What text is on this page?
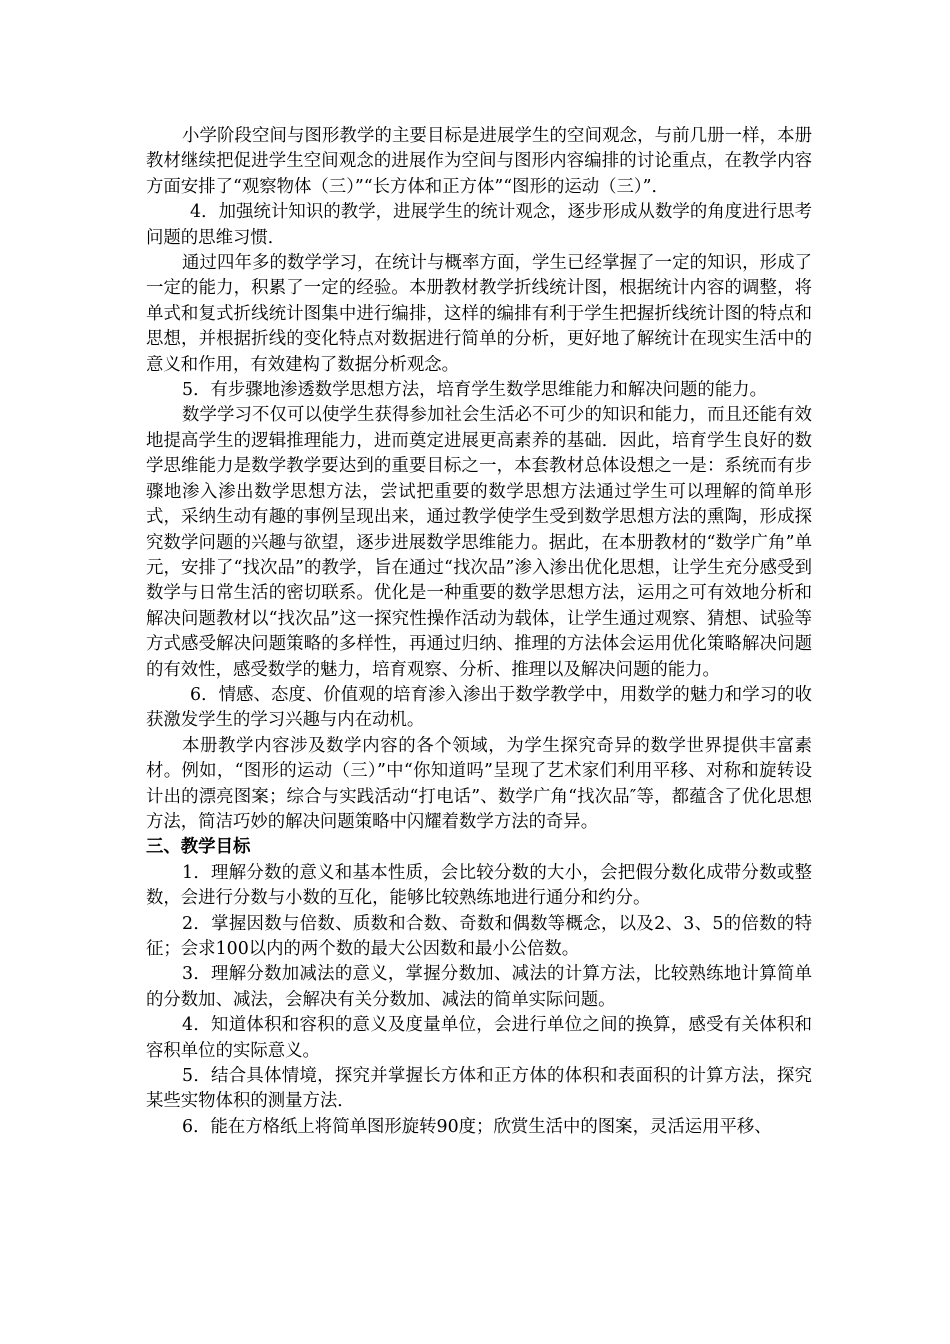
小学阶段空间与图形教学的主要目标是进展学生的空间观念，与前几册一样，本册教材继续把促进学生空间观念的进展作为空间与图形内容编排的讨论重点，在教学内容方面安排了“观察物体（三）”“长方体和正方体”“图形的运动（三）”．

4．加强统计知识的教学，进展学生的统计观念，逐步形成从数学的角度进行思考问题的思维习惯．

通过四年多的数学学习，在统计与概率方面，学生已经掌握了一定的知识，形成了一定的能力，积累了一定的经验。本册教材教学折线统计图，根据统计内容的调整，将单式和复式折线统计图集中进行编排，这样的编排有利于学生把握折线统计图的特点和思想，并根据折线的变化特点对数据进行简单的分析，更好地了解统计在现实生活中的意义和作用，有效建构了数据分析观念。

5．有步骤地渗透数学思想方法，培育学生数学思维能力和解决问题的能力。

数学学习不仅可以使学生获得参加社会生活必不可少的知识和能力，而且还能有效地提高学生的逻辑推理能力，进而奠定进展更高素养的基础．因此，培育学生良好的数学思维能力是数学教学要达到的重要目标之一，本套教材总体设想之一是：系统而有步骤地渗入渗出数学思想方法，尝试把重要的数学思想方法通过学生可以理解的简单形式，采纳生动有趣的事例呈现出来，通过教学使学生受到数学思想方法的熏陶，形成探究数学问题的兴趣与欲望，逐步进展数学思维能力。据此，在本册教材的“数学广角”单元，安排了“找次品”的教学，旨在通过“找次品”渗入渗出优化思想，让学生充分感受到数学与日常生活的密切联系。优化是一种重要的数学思想方法，运用之可有效地分析和解决问题教材以“找次品”这一探究性操作活动为载体，让学生通过观察、猜想、试验等方式感受解决问题策略的多样性，再通过归纳、推理的方法体会运用优化策略解决问题的有效性，感受数学的魅力，培育观察、分析、推理以及解决问题的能力。

6．情感、态度、价值观的培育渗入渗出于数学教学中，用数学的魅力和学习的收获激发学生的学习兴趣与内在动机。

本册教学内容涉及数学内容的各个领域，为学生探究奇异的数学世界提供丰富素材。例如，“图形的运动（三）”中“你知道吗”呈现了艺术家们利用平移、对称和旋转设计出的漂亮图案；综合与实践活动“打电话”、数学广角“找次品″等，都蕴含了优化思想方法，简洁巧妙的解决问题策略中闪耀着数学方法的奇异。

三、教学目标

1．理解分数的意义和基本性质，会比较分数的大小，会把假分数化成带分数或整数，会进行分数与小数的互化，能够比较熟练地进行通分和约分。

2．掌握因数与倍数、质数和合数、奇数和偶数等概念，以及2、3、5的倍数的特征；会求100以内的两个数的最大公因数和最小公倍数。

3．理解分数加减法的意义，掌握分数加、减法的计算方法，比较熟练地计算简单的分数加、减法，会解决有关分数加、减法的简单实际问题。

4．知道体积和容积的意义及度量单位，会进行单位之间的换算，感受有关体积和容积单位的实际意义。

5．结合具体情境，探究并掌握长方体和正方体的体积和表面积的计算方法，探究某些实物体积的测量方法．

6．能在方格纸上将简单图形旋转90度；欣赏生活中的图案，灵活运用平移、
